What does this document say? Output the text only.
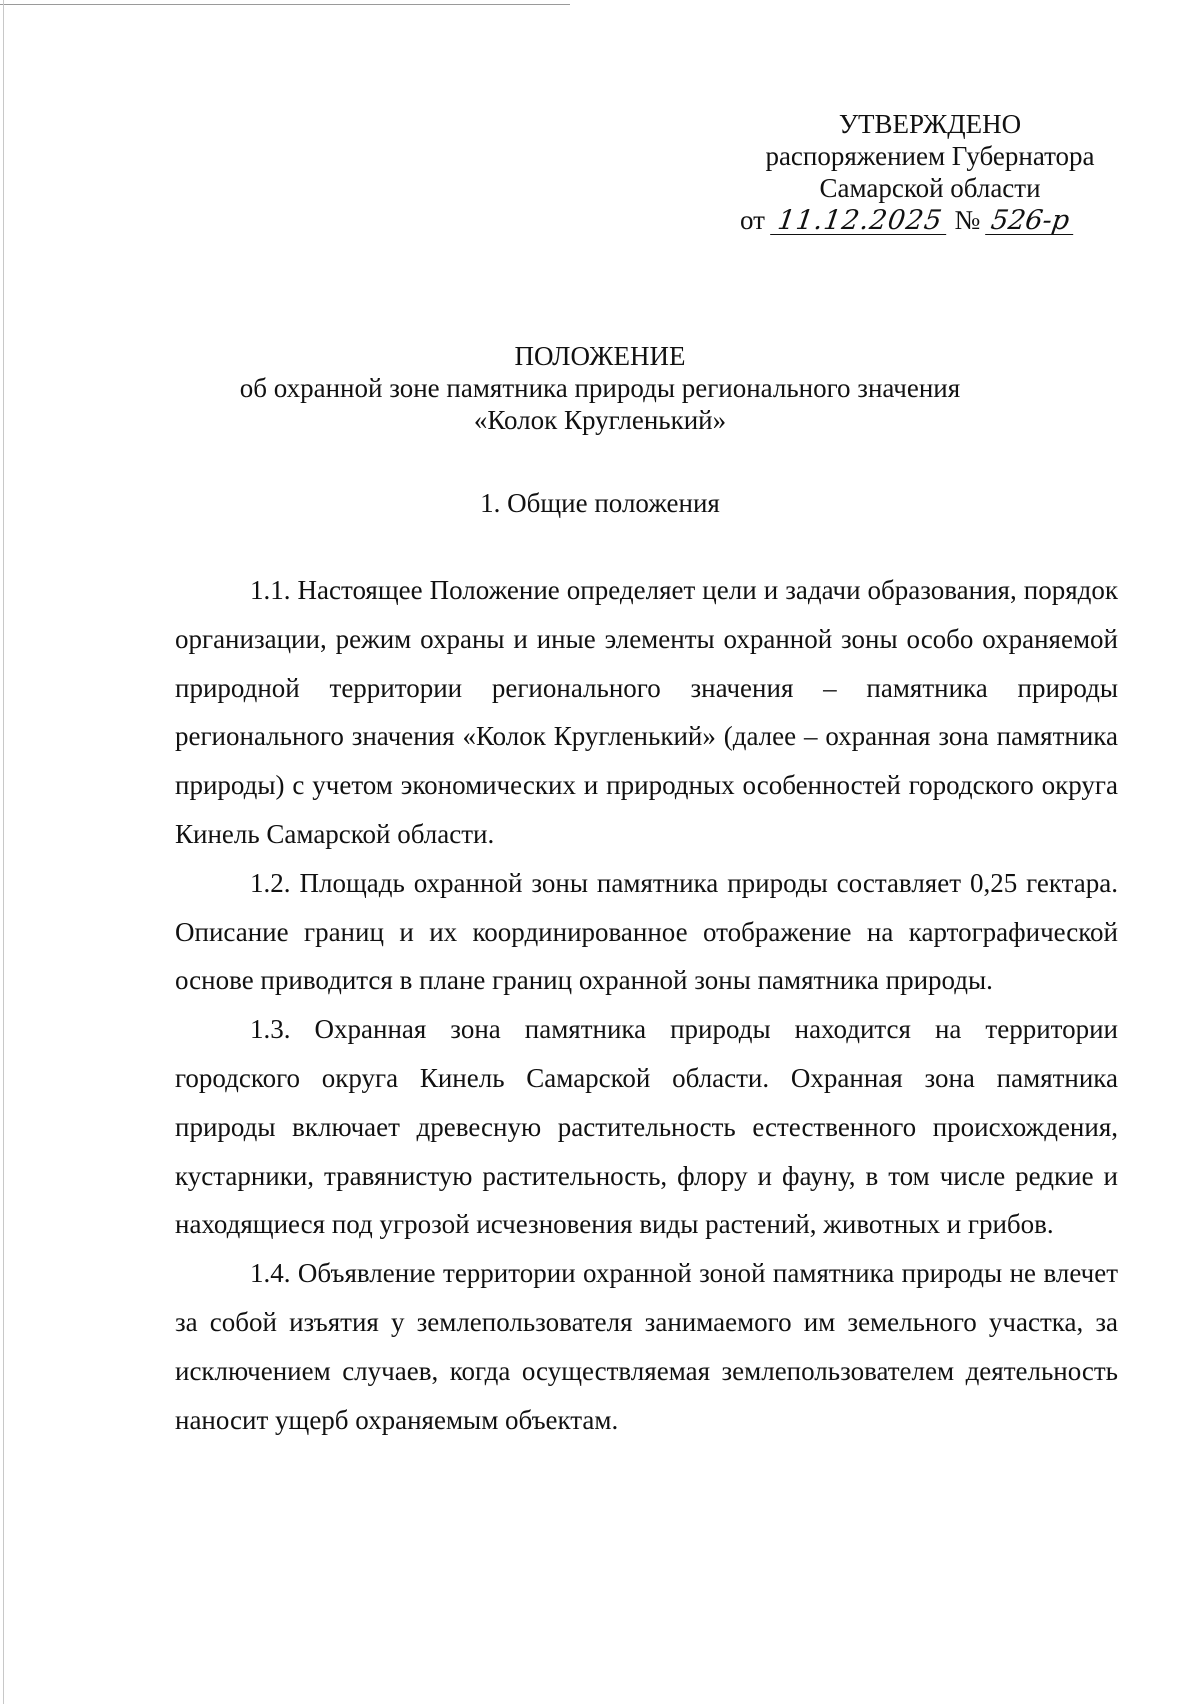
УТВЕРЖДЕНО
распоряжением Губернатора
Самарской области
от 11.12.2025 № 526-р
ПОЛОЖЕНИЕ
об охранной зоне памятника природы регионального значения
«Колок Кругленький»
1. Общие положения

1.1. Настоящее Положение определяет цели и задачи образования, порядок организации, режим охраны и иные элементы охранной зоны особо охраняемой природной территории регионального значения – памятника природы регионального значения «Колок Кругленький» (далее – охранная зона памятника природы) с учетом экономических и природных особенностей городского округа Кинель Самарской области.

1.2. Площадь охранной зоны памятника природы составляет 0,25 гектара. Описание границ и их координированное отображение на картографической основе приводится в плане границ охранной зоны памятника природы.

1.3. Охранная зона памятника природы находится на территории городского округа Кинель Самарской области. Охранная зона памятника природы включает древесную растительность естественного происхождения, кустарники, травянистую растительность, флору и фауну, в том числе редкие и находящиеся под угрозой исчезновения виды растений, животных и грибов.

1.4. Объявление территории охранной зоной памятника природы не влечет за собой изъятия у землепользователя занимаемого им земельного участка, за исключением случаев, когда осуществляемая землепользователем деятельность наносит ущерб охраняемым объектам.
